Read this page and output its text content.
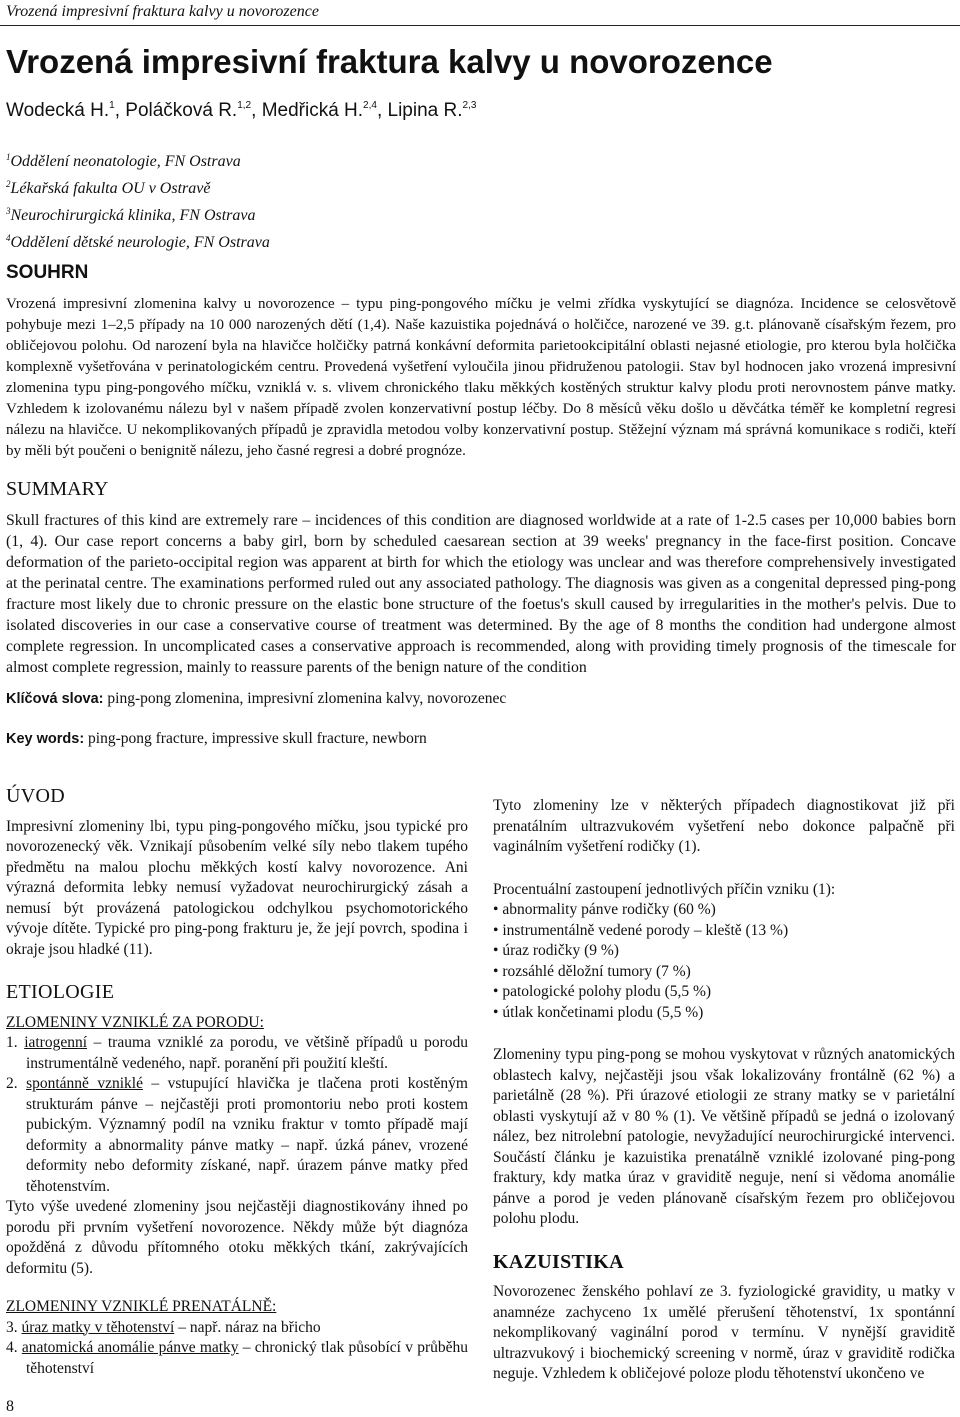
Vrozená impresivní fraktura kalvy u novorozence
Vrozená impresivní fraktura kalvy u novorozence
Wodecká H.$^1$, Poláčková R.$^{1,2}$, Medřická H.$^{2,4}$, Lipina R.$^{2,3}$
$^1$Oddělení neonatologie, FN Ostrava
$^2$Lékařská fakulta OU v Ostravě
$^3$Neurochirurgická klinika, FN Ostrava
$^4$Oddělení dětské neurologie, FN Ostrava
SOUHRN
Vrozená impresivní zlomenina kalvy u novorozence – typu ping-pongového míčku je velmi zřídka vyskytující se diagnóza. Incidence se celosvětově pohybuje mezi 1–2,5 případy na 10 000 narozených dětí (1,4). Naše kazuistika pojednává o holčičce, narozené ve 39. g.t. plánovaně císařským řezem, pro obličejovou polohu. Od narození byla na hlavičce holčičky patrná konkávní deformita parietookcipitální oblasti nejasné etiologie, pro kterou byla holčička komplexně vyšetřována v perinatologickém centru. Provedená vyšetření vyloučila jinou přidruženou patologii. Stav byl hodnocen jako vrozená impresivní zlomenina typu ping-pongového míčku, vzniklá v. s. vlivem chronického tlaku měkkých kostěných struktur kalvy plodu proti nerovnostem pánve matky. Vzhledem k izolovanému nálezu byl v našem případě zvolen konzervativní postup léčby. Do 8 měsíců věku došlo u děvčátka téměř ke kompletní regresi nálezu na hlavičce. U nekomplikovaných případů je zpravidla metodou volby konzervativní postup. Stěžejní význam má správná komunikace s rodiči, kteří by měli být poučeni o benignitě nálezu, jeho časné regresi a dobré prognóze.
SUMMARY
Skull fractures of this kind are extremely rare – incidences of this condition are diagnosed worldwide at a rate of 1-2.5 cases per 10,000 babies born (1, 4). Our case report concerns a baby girl, born by scheduled caesarean section at 39 weeks' pregnancy in the face-first position. Concave deformation of the parieto-occipital region was apparent at birth for which the etiology was unclear and was therefore comprehensively investigated at the perinatal centre. The examinations performed ruled out any associated pathology. The diagnosis was given as a congenital depressed ping-pong fracture most likely due to chronic pressure on the elastic bone structure of the foetus's skull caused by irregularities in the mother's pelvis. Due to isolated discoveries in our case a conservative course of treatment was determined. By the age of 8 months the condition had undergone almost complete regression. In uncomplicated cases a conservative approach is recommended, along with providing timely prognosis of the timescale for almost complete regression, mainly to reassure parents of the benign nature of the condition
Klíčová slova: ping-pong zlomenina, impresivní zlomenina kalvy, novorozenec
Key words: ping-pong fracture, impressive skull fracture, newborn
ÚVOD

Impresivní zlomeniny lbi, typu ping-pongového míčku, jsou typické pro novorozenecký věk. Vznikají působením velké síly nebo tlakem tupého předmětu na malou plochu měkkých kostí kalvy novorozence. Ani výrazná deformita lebky nemusí vyžadovat neurochirurgický zásah a nemusí být provázená patologickou odchylkou psychomotorického vývoje dítěte. Typické pro ping-pong frakturu je, že její povrch, spodina i okraje jsou hladké (11).

ETIOLOGIE
ZLOMENINY VZNIKLÉ ZA PORODU:
1. iatrogenní – trauma vzniklé za porodu, ve většině případů u porodu instrumentálně vedeného, např. poranění při použití kleští.
2. spontánně vzniklé – vstupující hlavička je tlačena proti kostěným strukturám pánve – nejčastěji proti promontoriu nebo proti kostem pubickým. Významný podíl na vzniku fraktur v tomto případě mají deformity a abnormality pánve matky – např. úzká pánev, vrozené deformity nebo deformity získané, např. úrazem pánve matky před těhotenstvím.

Tyto výše uvedené zlomeniny jsou nejčastěji diagnostikovány ihned po porodu při prvním vyšetření novorozence. Někdy může být diagnóza opožděná z důvodu přítomného otoku měkkých tkání, zakrývajících deformitu (5).

ZLOMENINY VZNIKLÉ PRENATÁLNĚ:
3. úraz matky v těhotenství – např. náraz na břicho
4. anatomická anomálie pánve matky – chronický tlak působící v průběhu těhotenství

Tyto zlomeniny lze v některých případech diagnostikovat již při prenatálním ultrazvukovém vyšetření nebo dokonce palpačně při vaginálním vyšetření rodičky (1).

Procentuální zastoupení jednotlivých příčin vzniku (1):
• abnormality pánve rodičky (60 %)
• instrumentálně vedené porody – kleště (13 %)
• úraz rodičky (9 %)
• rozsáhlé děložní tumory (7 %)
• patologické polohy plodu (5,5 %)
• útlak končetinami plodu (5,5 %)

Zlomeniny typu ping-pong se mohou vyskytovat v různých anatomických oblastech kalvy, nejčastěji jsou však lokalizovány frontálně (62 %) a parietálně (28 %). Při úrazové etiologii ze strany matky se v parietální oblasti vyskytují až v 80 % (1). Ve většině případů se jedná o izolovaný nález, bez nitrolební patologie, nevyžadující neurochirurgické intervenci. Součástí článku je kazuistika prenatálně vzniklé izolované ping-pong fraktury, kdy matka úraz v graviditě neguje, není si vědoma anomálie pánve a porod je veden plánovaně císařským řezem pro obličejovou polohu plodu.

KAZUISTIKA

Novorozenec ženského pohlaví ze 3. fyziologické gravidity, u matky v anamnéze zachyceno 1x umělé přerušení těhotenství, 1x spontánní nekomplikovaný vaginální porod v termínu. V nynější graviditě ultrazvukový i biochemický screening v normě, úraz v graviditě rodička neguje. Vzhledem k obličejové poloze plodu těhotenství ukončeno ve

8
